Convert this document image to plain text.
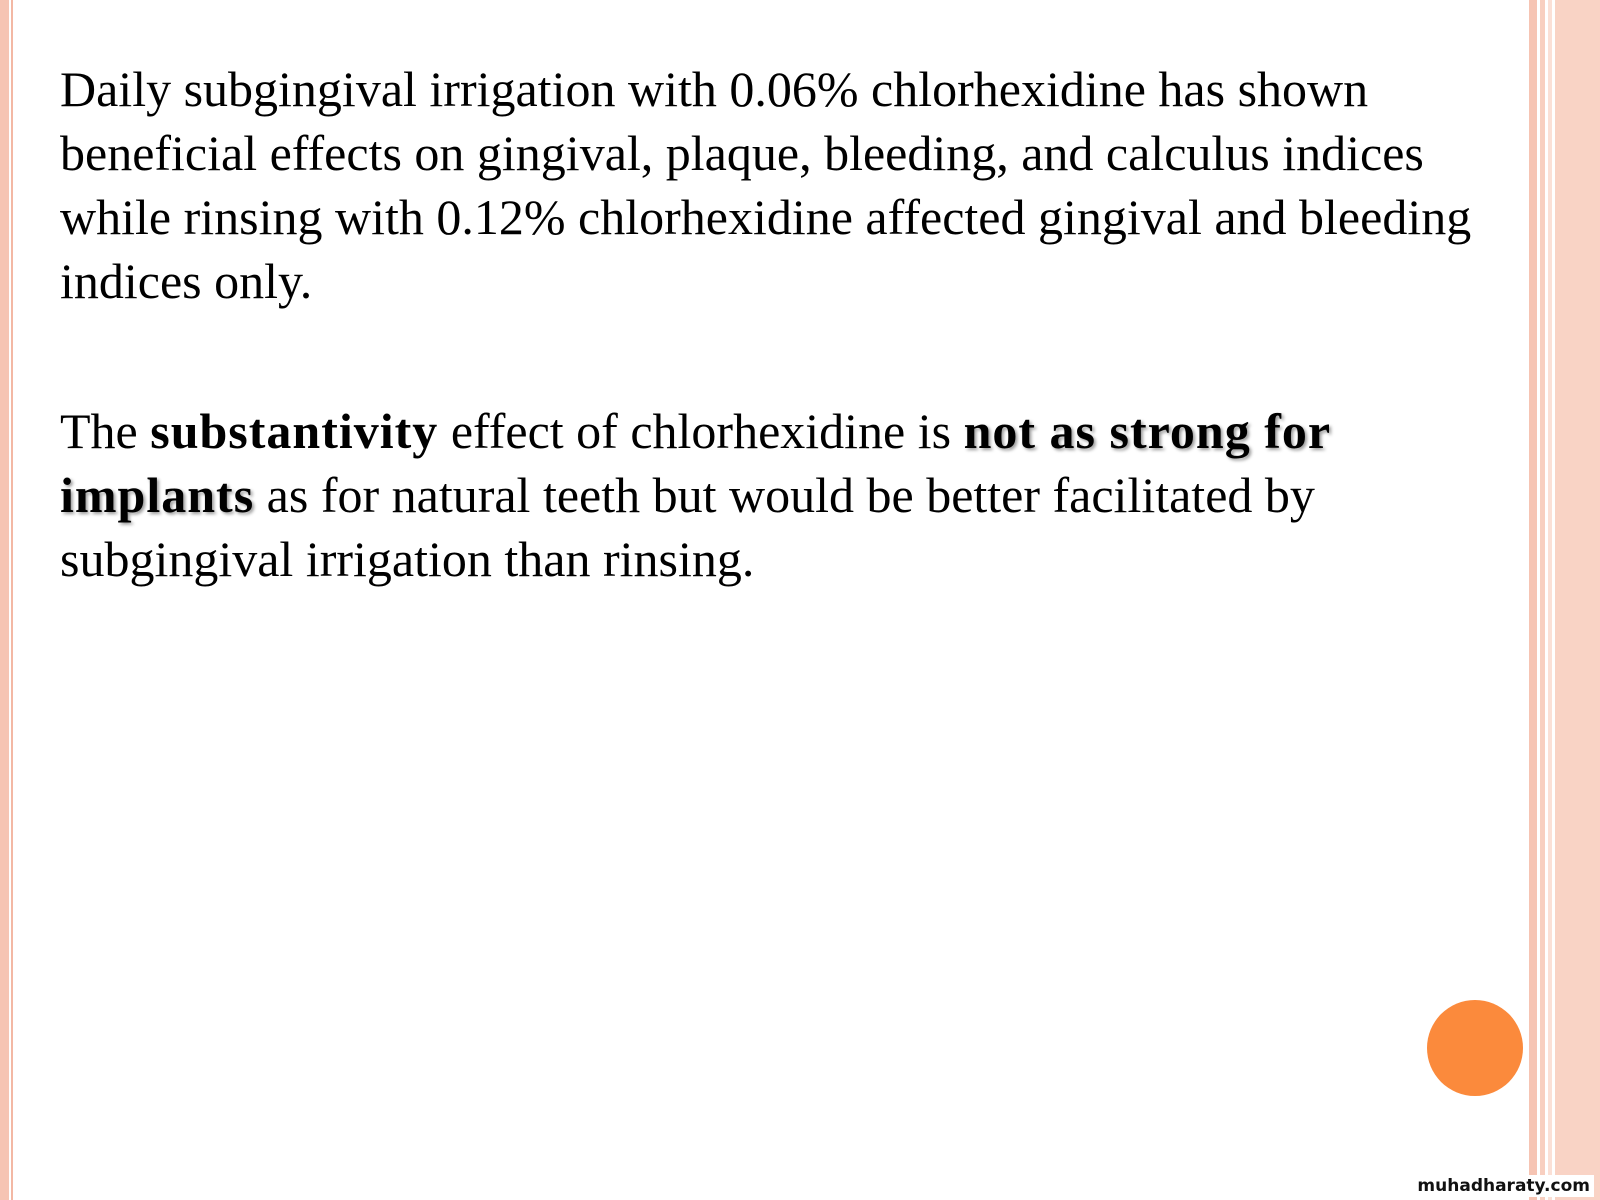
Daily subgingival irrigation with 0.06% chlorhexidine has shown beneficial effects on gingival, plaque, bleeding, and calculus indices while rinsing with 0.12% chlorhexidine affected gingival and bleeding indices only.

The substantivity effect of chlorhexidine is not as strong for implants as for natural teeth but would be better facilitated by subgingival irrigation than rinsing.

muhadharaty.com
